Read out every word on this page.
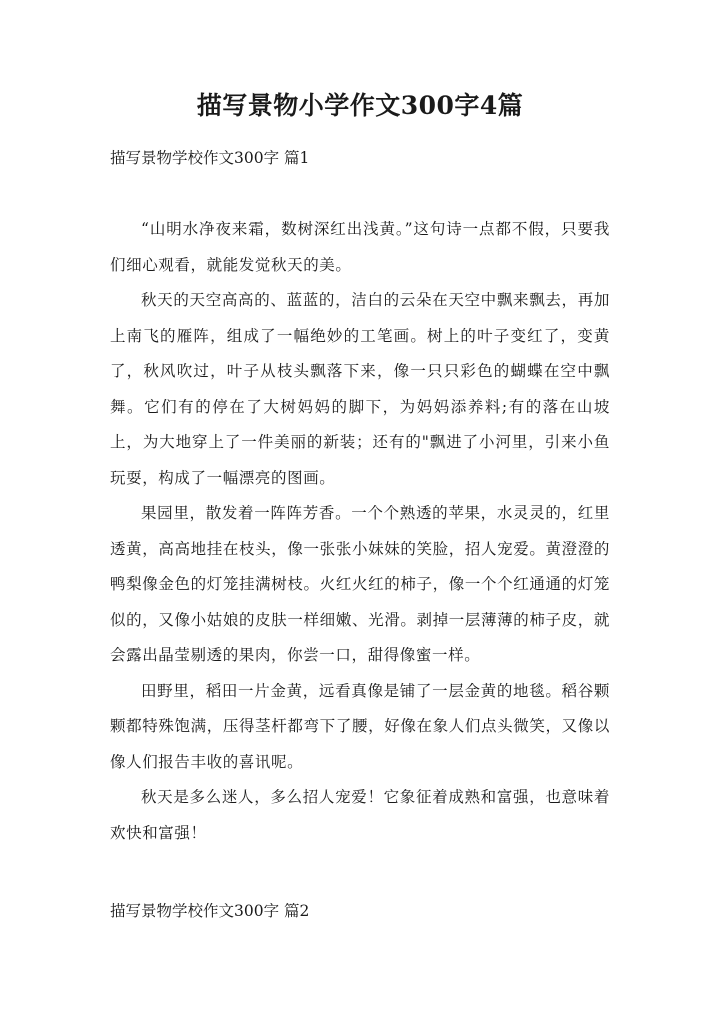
描写景物小学作文300字4篇

描写景物学校作文300字 篇1

“山明水净夜来霜，数树深红出浅黄。”这句诗一点都不假，只要我们细心观看，就能发觉秋天的美。

秋天的天空高高的、蓝蓝的，洁白的云朵在天空中飘来飘去，再加上南飞的雁阵，组成了一幅绝妙的工笔画。树上的叶子变红了，变黄了，秋风吹过，叶子从枝头飘落下来，像一只只彩色的蝴蝶在空中飘舞。它们有的停在了大树妈妈的脚下，为妈妈添养料;有的落在山坡上，为大地穿上了一件美丽的新装；还有的"飘进了小河里，引来小鱼玩耍，构成了一幅漂亮的图画。

果园里，散发着一阵阵芳香。一个个熟透的苹果，水灵灵的，红里透黄，高高地挂在枝头，像一张张小妹妹的笑脸，招人宠爱。黄澄澄的鸭梨像金色的灯笼挂满树枝。火红火红的柿子，像一个个红通通的灯笼似的，又像小姑娘的皮肤一样细嫩、光滑。剥掉一层薄薄的柿子皮，就会露出晶莹剔透的果肉，你尝一口，甜得像蜜一样。

田野里，稻田一片金黄，远看真像是铺了一层金黄的地毯。稻谷颗颗都特殊饱满，压得茎杆都弯下了腰，好像在象人们点头微笑，又像以像人们报告丰收的喜讯呢。

秋天是多么迷人，多么招人宠爱！它象征着成熟和富强，也意味着欢快和富强！

描写景物学校作文300字 篇2
